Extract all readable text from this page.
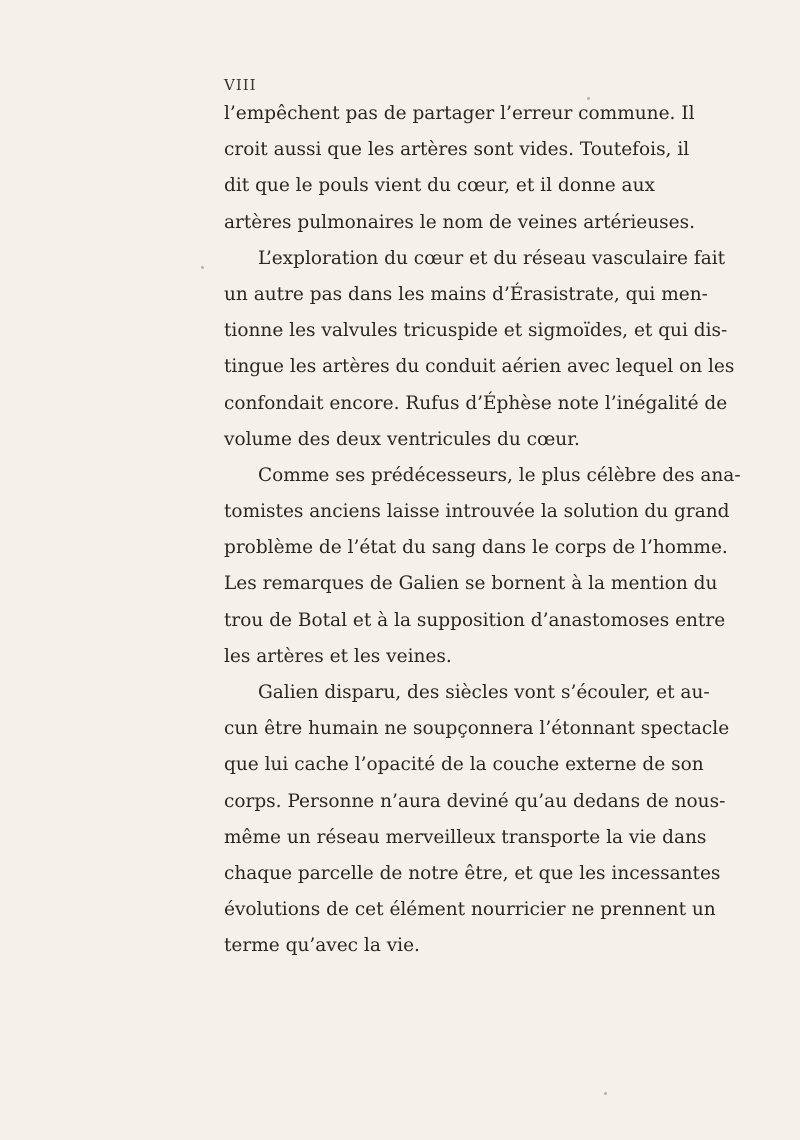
VIII
l’empêchent pas de partager l’erreur commune. Il
croit aussi que les artères sont vides. Toutefois, il
dit que le pouls vient du cœur, et il donne aux
artères pulmonaires le nom de veines artérieuses.
L’exploration du cœur et du réseau vasculaire fait
un autre pas dans les mains d’Érasistrate, qui men-
tionne les valvules tricuspide et sigmoïdes, et qui dis-
tingue les artères du conduit aérien avec lequel on les
confondait encore. Rufus d’Éphèse note l’inégalité de
volume des deux ventricules du cœur.
Comme ses prédécesseurs, le plus célèbre des ana-
tomistes anciens laisse introuvée la solution du grand
problème de l’état du sang dans le corps de l’homme.
Les remarques de Galien se bornent à la mention du
trou de Botal et à la supposition d’anastomoses entre
les artères et les veines.
Galien disparu, des siècles vont s’écouler, et au-
cun être humain ne soupçonnera l’étonnant spectacle
que lui cache l’opacité de la couche externe de son
corps. Personne n’aura deviné qu’au dedans de nous-
même un réseau merveilleux transporte la vie dans
chaque parcelle de notre être, et que les incessantes
évolutions de cet élément nourricier ne prennent un
terme qu’avec la vie.
